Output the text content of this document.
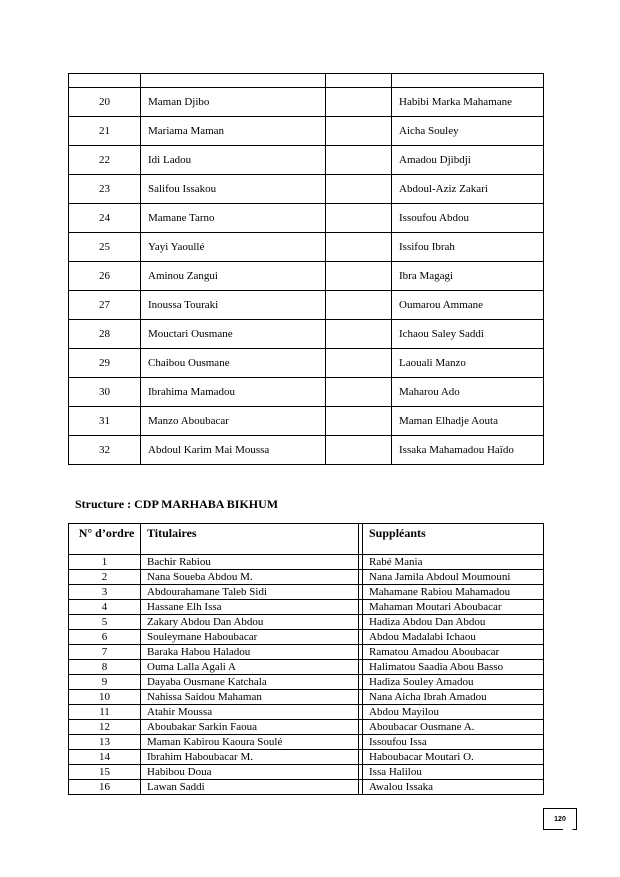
20	Maman Djibo		Habibi Marka Mahamane
21	Mariama Maman		Aicha Souley
22	Idi Ladou		Amadou Djibdji
23	Salifou Issakou		Abdoul-Aziz Zakari
24	Mamane Tarno		Issoufou Abdou
25	Yayi Yaoullé		Issifou Ibrah
26	Aminou Zangui		Ibra Magagi
27	Inoussa Touraki		Oumarou Ammane
28	Mouctari Ousmane		Ichaou Saley Saddi
29	Chaibou Ousmane		Laouali Manzo
30	Ibrahima Mamadou		Maharou Ado
31	Manzo Aboubacar		Maman Elhadje Aouta
32	Abdoul Karim Mai Moussa		Issaka Mahamadou Haïdo
Structure : CDP MARHABA BIKHUM
N° d’ordre	Titulaires		Suppléants
1	Bachir Rabiou		Rabé Mania
2	Nana Soueba Abdou M.		Nana Jamila Abdoul Moumouni
3	Abdourahamane Taleb Sidi		Mahamane Rabiou Mahamadou
4	Hassane Elh Issa		Mahaman Moutari Aboubacar
5	Zakary Abdou Dan Abdou		Hadiza Abdou Dan Abdou
6	Souleymane Haboubacar		Abdou Madalabi Ichaou
7	Baraka Habou Haladou		Ramatou Amadou Aboubacar
8	Ouma Lalla Agali A		Halimatou Saadia Abou Basso
9	Dayaba Ousmane Katchala		Hadiza Souley Amadou
10	Nahissa Saidou Mahaman		Nana Aicha Ibrah Amadou
11	Atahir Moussa		Abdou Mayilou
12	Aboubakar Sarkin Faoua		Aboubacar Ousmane A.
13	Maman Kabirou Kaoura Soulé		Issoufou Issa
14	Ibrahim Haboubacar M.		Haboubacar Moutari O.
15	Habibou Doua		Issa Halilou
16	Lawan Saddi		Awalou Issaka
120
